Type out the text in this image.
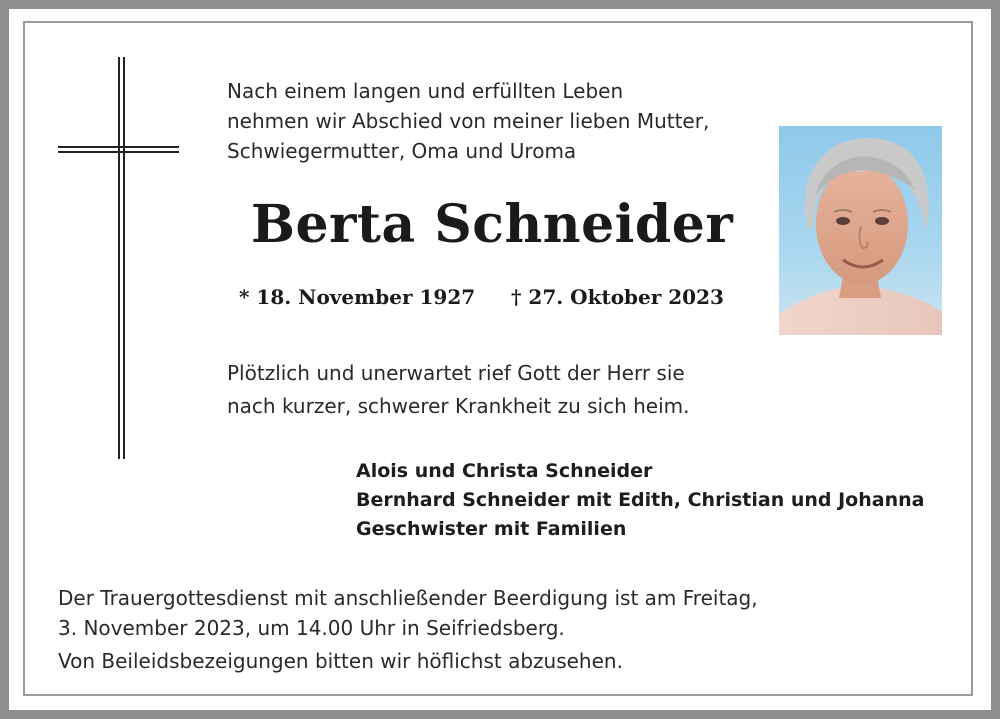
Nach einem langen und erfüllten Leben
nehmen wir Abschied von meiner lieben Mutter,
Schwiegermutter, Oma und Uroma
Berta Schneider
* 18. November 1927 † 27. Oktober 2023
Plötzlich und unerwartet rief Gott der Herr sie
nach kurzer, schwerer Krankheit zu sich heim.
Alois und Christa Schneider
Bernhard Schneider mit Edith, Christian und Johanna
Geschwister mit Familien
Der Trauergottesdienst mit anschließender Beerdigung ist am Freitag,
3. November 2023, um 14.00 Uhr in Seifriedsberg.
Von Beileidsbezeigungen bitten wir höflichst abzusehen.
